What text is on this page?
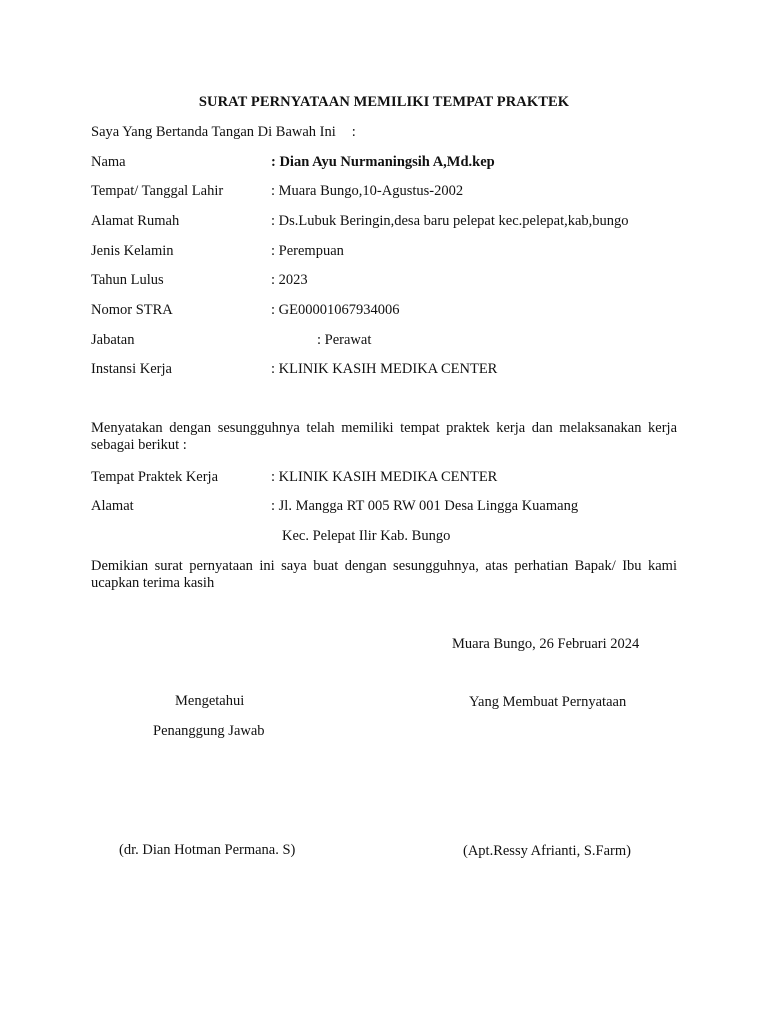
SURAT PERNYATAAN MEMILIKI TEMPAT PRAKTEK
Saya Yang Bertanda Tangan Di Bawah Ini :
Nama	: Dian Ayu Nurmaningsih A,Md.kep
Tempat/ Tanggal Lahir	: Muara Bungo,10-Agustus-2002
Alamat Rumah	: Ds.Lubuk Beringin,desa baru pelepat kec.pelepat,kab,bungo
Jenis Kelamin	: Perempuan
Tahun Lulus	: 2023
Nomor STRA	: GE00001067934006
Jabatan	: Perawat
Instansi Kerja	: KLINIK KASIH MEDIKA CENTER
Menyatakan dengan sesungguhnya telah memiliki tempat praktek kerja dan melaksanakan kerja sebagai berikut :
Tempat Praktek Kerja	: KLINIK KASIH MEDIKA CENTER
Alamat	: Jl. Mangga RT 005 RW 001 Desa Lingga Kuamang
Kec. Pelepat Ilir Kab. Bungo
Demikian surat pernyataan ini saya buat dengan sesungguhnya, atas perhatian Bapak/ Ibu kami ucapkan terima kasih
Muara Bungo, 26 Februari 2024
Mengetahui
Penanggung Jawab
Yang Membuat Pernyataan
(dr. Dian Hotman Permana. S)	(Apt.Ressy Afrianti, S.Farm)
